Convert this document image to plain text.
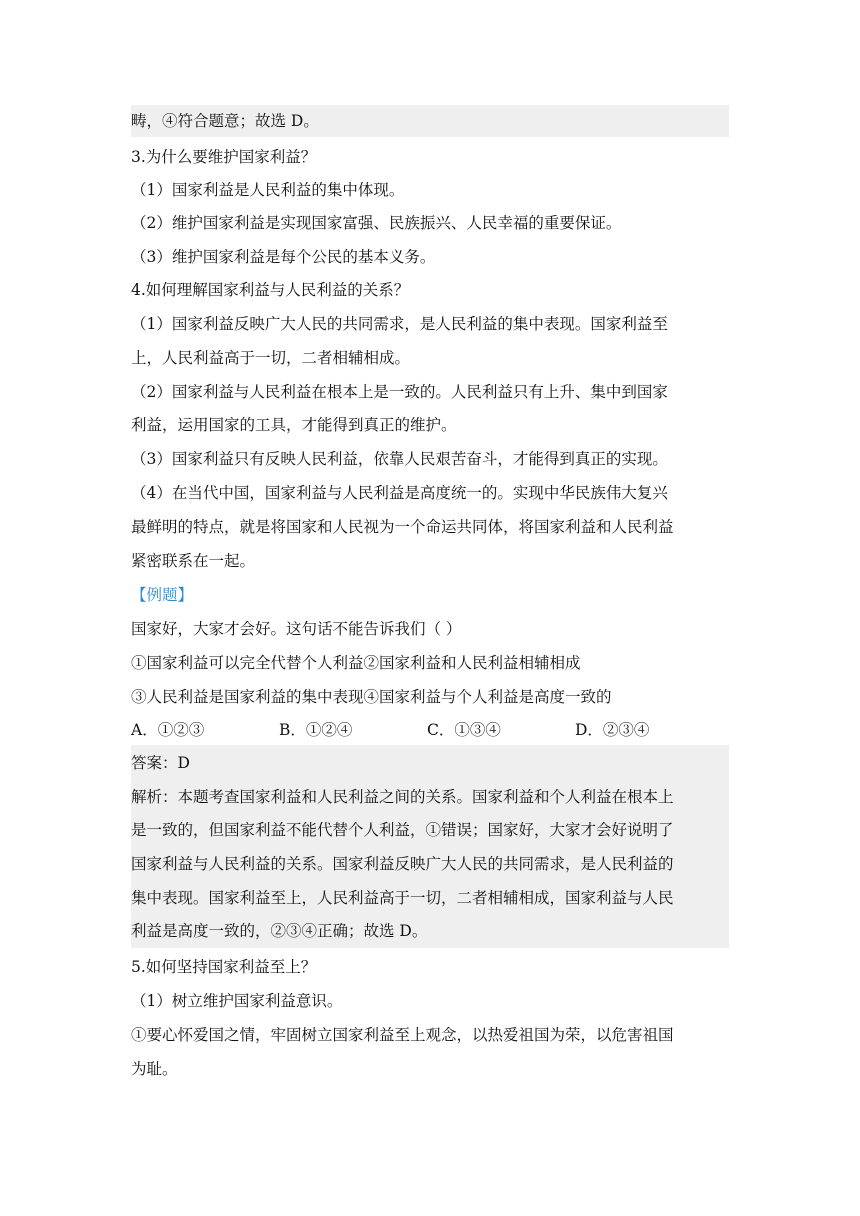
畴，④符合题意；故选 D。
3.为什么要维护国家利益？
（1）国家利益是人民利益的集中体现。
（2）维护国家利益是实现国家富强、民族振兴、人民幸福的重要保证。
（3）维护国家利益是每个公民的基本义务。
4.如何理解国家利益与人民利益的关系？
（1）国家利益反映广大人民的共同需求，是人民利益的集中表现。国家利益至
上，人民利益高于一切，二者相辅相成。
（2）国家利益与人民利益在根本上是一致的。人民利益只有上升、集中到国家
利益，运用国家的工具，才能得到真正的维护。
（3）国家利益只有反映人民利益，依靠人民艰苦奋斗，才能得到真正的实现。
（4）在当代中国，国家利益与人民利益是高度统一的。实现中华民族伟大复兴
最鲜明的特点，就是将国家和人民视为一个命运共同体，将国家利益和人民利益
紧密联系在一起。
【例题】
国家好，大家才会好。这句话不能告诉我们（ ）
①国家利益可以完全代替个人利益②国家利益和人民利益相辅相成
③人民利益是国家利益的集中表现④国家利益与个人利益是高度一致的
A．①②③	B．①②④	C．①③④	D．②③④
答案：D
解析：本题考查国家利益和人民利益之间的关系。国家利益和个人利益在根本上
是一致的，但国家利益不能代替个人利益，①错误；国家好，大家才会好说明了
国家利益与人民利益的关系。国家利益反映广大人民的共同需求，是人民利益的
集中表现。国家利益至上，人民利益高于一切，二者相辅相成，国家利益与人民
利益是高度一致的，②③④正确；故选 D。
5.如何坚持国家利益至上？
（1）树立维护国家利益意识。
①要心怀爱国之情，牢固树立国家利益至上观念，以热爱祖国为荣，以危害祖国
为耻。
